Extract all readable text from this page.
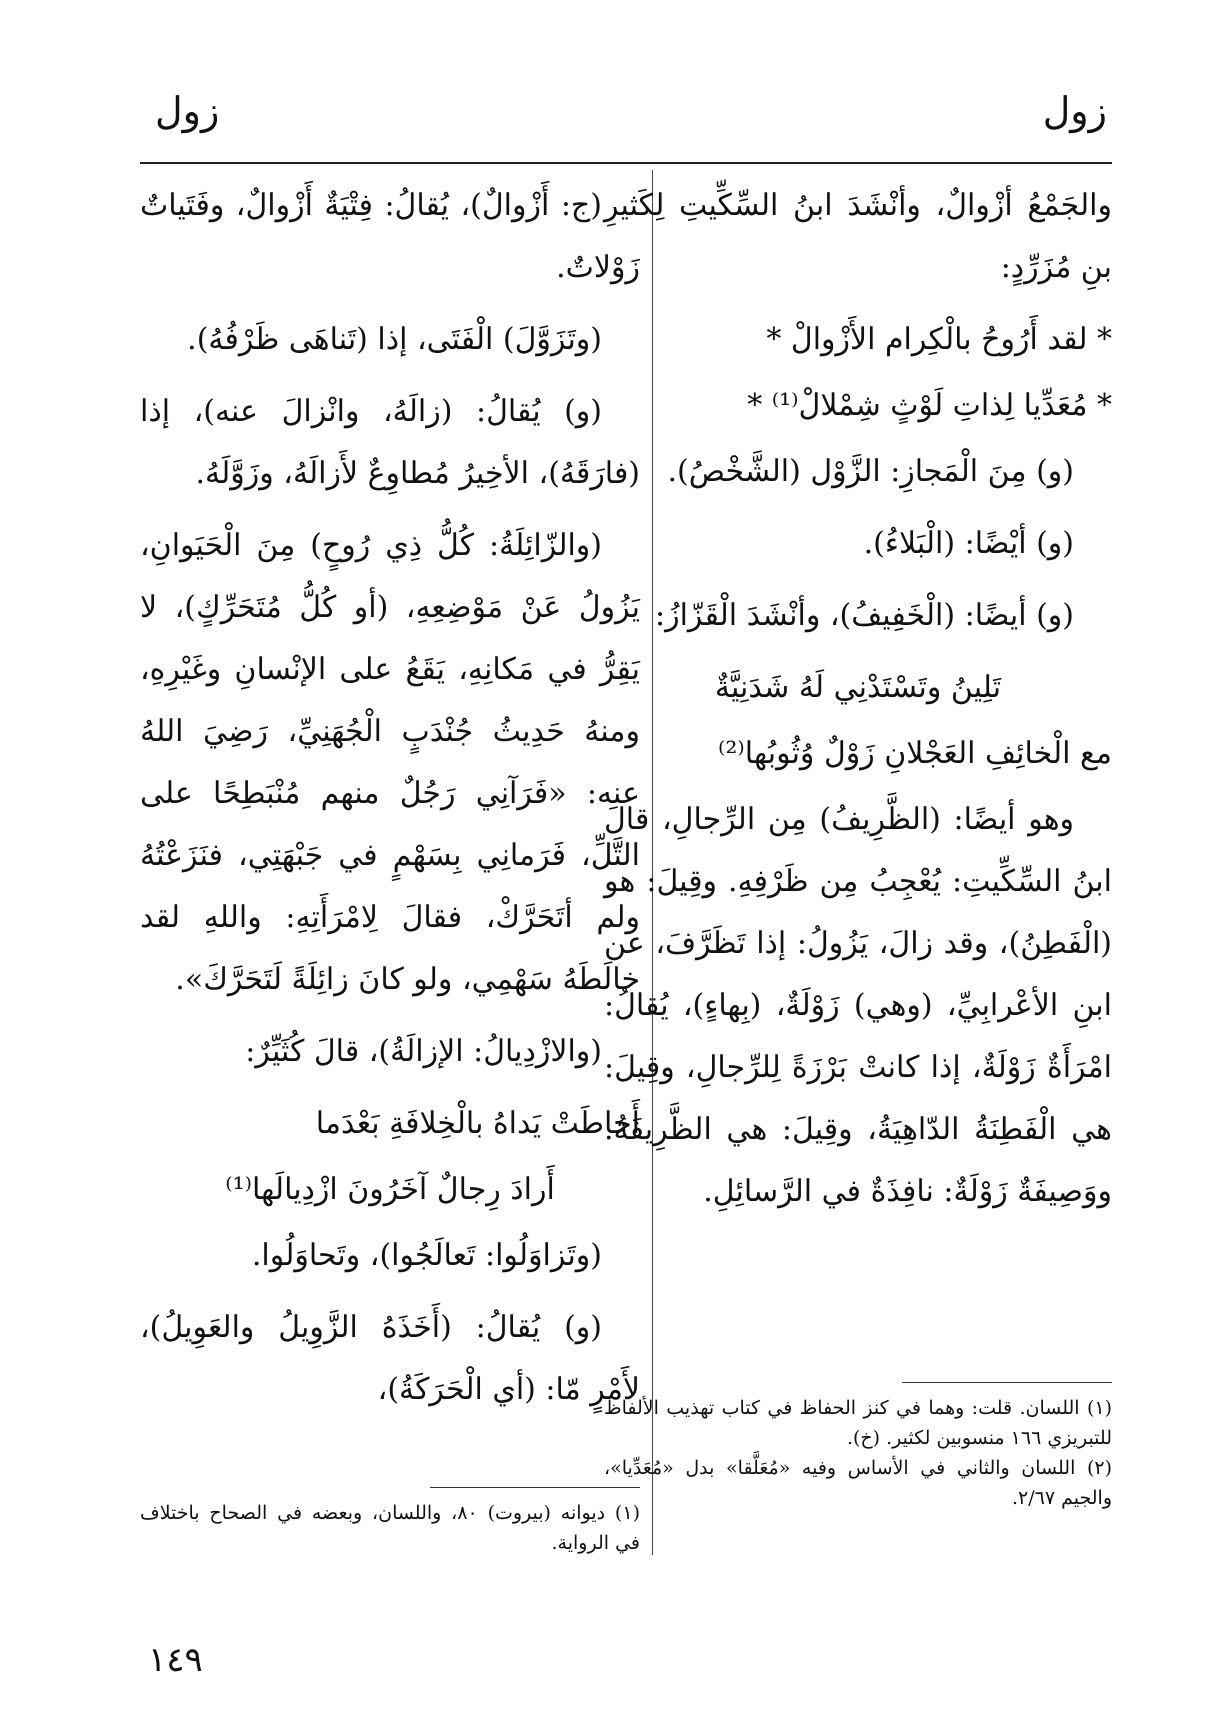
زول
زول

والجَمْعُ أزْوالٌ، وأنْشَدَ ابنُ السِّكِّيتِ لِكَثيرِ بنِ مُزَرِّدٍ:

* لقد أَرُوحُ بالْكِرام الأَزْوالْ *

* مُعَدِّيا لِذاتِ لَوْثٍ شِمْلالْ⁽¹⁾ *

(و) مِنَ الْمَجازِ: الزَّوْل (الشَّخْصُ).

(و) أيْضًا: (الْبَلاءُ).

(و) أيضًا: (الْخَفِيفُ)، وأنْشَدَ الْقَزّازُ:

تَلِينُ وتَسْتَدْنِي لَهُ شَدَنِيَّةٌ

مع الْخائِفِ العَجْلانِ زَوْلٌ وُثُوبُها⁽²⁾

وهو أيضًا: (الظَّرِيفُ) مِن الرِّجالِ، قالَ ابنُ السِّكِّيتِ: يُعْجِبُ مِن ظَرْفِهِ. وقِيلَ: هو (الْفَطِنُ)، وقد زالَ، يَزُولُ: إذا تَظَرَّفَ، عن ابنِ الأعْرابِيِّ، (وهي) زَوْلَةٌ، (بِهاءٍ)، يُقالُ: امْرَأَةٌ زَوْلَةٌ، إذا كانتْ بَرْزَةً لِلرِّجالِ، وقِيلَ: هي الْفَطِنَةُ الدّاهِيَةُ، وقِيلَ: هي الظَّرِيفَةُ. ووَصِيفَةٌ زَوْلَةٌ: نافِذَةٌ في الرَّسائِلِ.

(١) اللسان. قلت: وهما في كنز الحفاظ في كتاب تهذيب الألفاظ للتبريزي ١٦٦ منسوبين لكثير. (خ).

(٢) اللسان والثاني في الأساس وفيه «مُعَلَّقا» بدل «مُعَدِّيا»، والجيم ٢/٦٧.

(ج: أَزْوالٌ)، يُقالُ: فِتْيَةٌ أَزْوالٌ، وفَتَياتٌ زَوْلاتٌ.

(وتَزَوَّلَ) الْفَتَى، إذا (تَناهَى ظَرْفُهُ).

(و) يُقالُ: (زالَهُ، وانْزالَ عنه)، إذا (فارَقَهُ)، الأخِيرُ مُطاوِعٌ لأَزالَهُ، وزَوَّلَهُ.

(والزّائِلَةُ: كُلُّ ذِي رُوحٍ) مِنَ الْحَيَوانِ، يَزُولُ عَنْ مَوْضِعِهِ، (أو كُلُّ مُتَحَرِّكٍ)، لا يَقِرُّ في مَكانِهِ، يَقَعُ على الإنْسانِ وغَيْرِهِ، ومنهُ حَدِيثُ جُنْدَبٍ الْجُهَنِيِّ، رَضِيَ اللهُ عنه: «فَرَآنِي رَجُلٌ منهم مُنْبَطِحًا على التَّلِّ، فَرَمانِي بِسَهْمٍ في جَبْهَتِي، فنَزَعْتُهُ ولم أتَحَرَّكْ، فقالَ لِامْرَأَتِهِ: واللهِ لقد خالَطَهُ سَهْمِي، ولو كانَ زائِلَةً لَتَحَرَّكَ».

(والازْدِيالُ: الإزالَةُ)، قالَ كُثَيِّرٌ:

أَحاطَتْ يَداهُ بالْخِلافَةِ بَعْدَما

أَرادَ رِجالٌ آخَرُونَ ازْدِيالَها⁽¹⁾

(وتَزاوَلُوا: تَعالَجُوا)، وتَحاوَلُوا.

(و) يُقالُ: (أَخَذَهُ الزَّوِيلُ والعَوِيلُ)، لأَمْرٍ مّا: (أي الْحَرَكَةُ)،

(١) ديوانه (بيروت) ٨٠، واللسان، وبعضه في الصحاح باختلاف في الرواية.

١٤٩
